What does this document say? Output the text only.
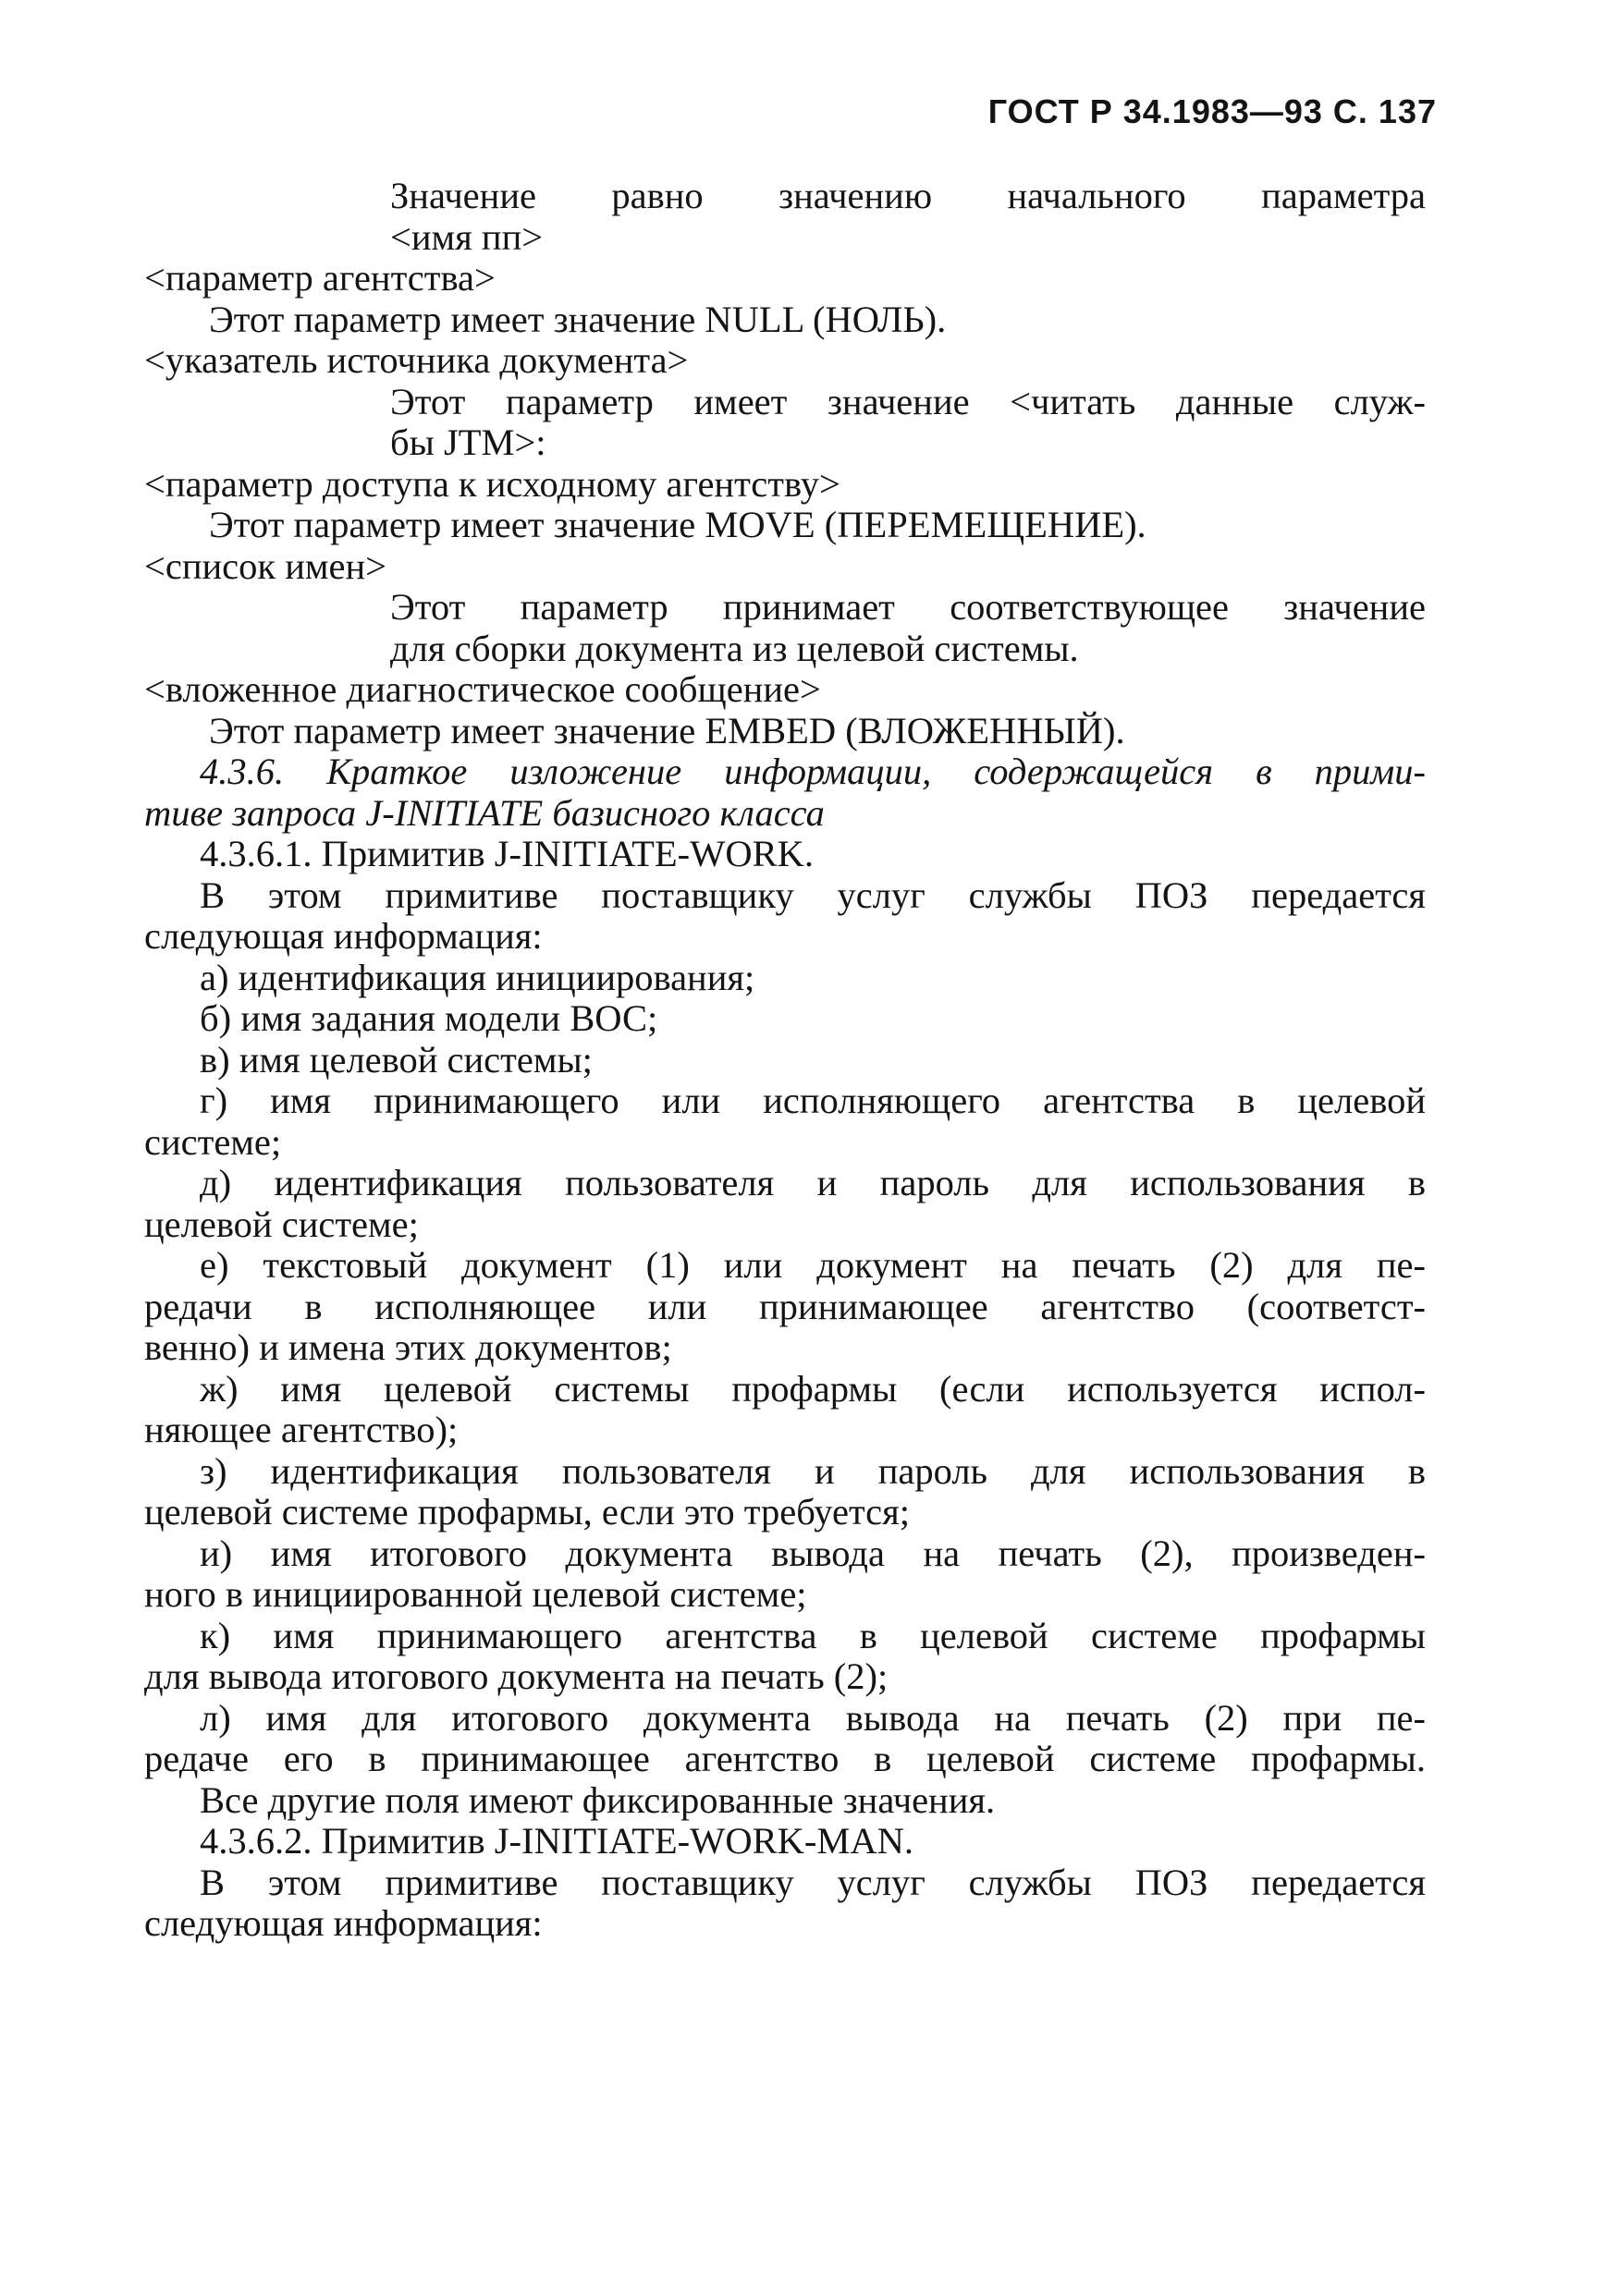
ГОСТ Р 34.1983—93 С. 137
Значение равно значению начального параметра
<имя пп>
<параметр агентства>
Этот параметр имеет значение NULL (НОЛЬ).
<указатель источника документа>
Этот параметр имеет значение <читать данные служ-
бы JTM>:
<параметр доступа к исходному агентству>
Этот параметр имеет значение MOVE (ПЕРЕМЕЩЕНИЕ).
<список имен>
Этот параметр принимает соответствующее значение
для сборки документа из целевой системы.
<вложенное диагностическое сообщение>
Этот параметр имеет значение EMBED (ВЛОЖЕННЫЙ).
4.3.6. Краткое изложение информации, содержащейся в прими-
тиве запроса J-INITIATE базисного класса
4.3.6.1. Примитив J-INITIATE-WORK.
В этом примитиве поставщику услуг службы ПОЗ передается
следующая информация:
а) идентификация инициирования;
б) имя задания модели ВОС;
в) имя целевой системы;
г) имя принимающего или исполняющего агентства в целевой
системе;
д) идентификация пользователя и пароль для использования в
целевой системе;
е) текстовый документ (1) или документ на печать (2) для пе-
редачи в исполняющее или принимающее агентство (соответст-
венно) и имена этих документов;
ж) имя целевой системы профармы (если используется испол-
няющее агентство);
з) идентификация пользователя и пароль для использования в
целевой системе профармы, если это требуется;
и) имя итогового документа вывода на печать (2), произведен-
ного в инициированной целевой системе;
к) имя принимающего агентства в целевой системе профармы
для вывода итогового документа на печать (2);
л) имя для итогового документа вывода на печать (2) при пе-
редаче его в принимающее агентство в целевой системе профармы.
Все другие поля имеют фиксированные значения.
4.3.6.2. Примитив J-INITIATE-WORK-MAN.
В этом примитиве поставщику услуг службы ПОЗ передается
следующая информация:
